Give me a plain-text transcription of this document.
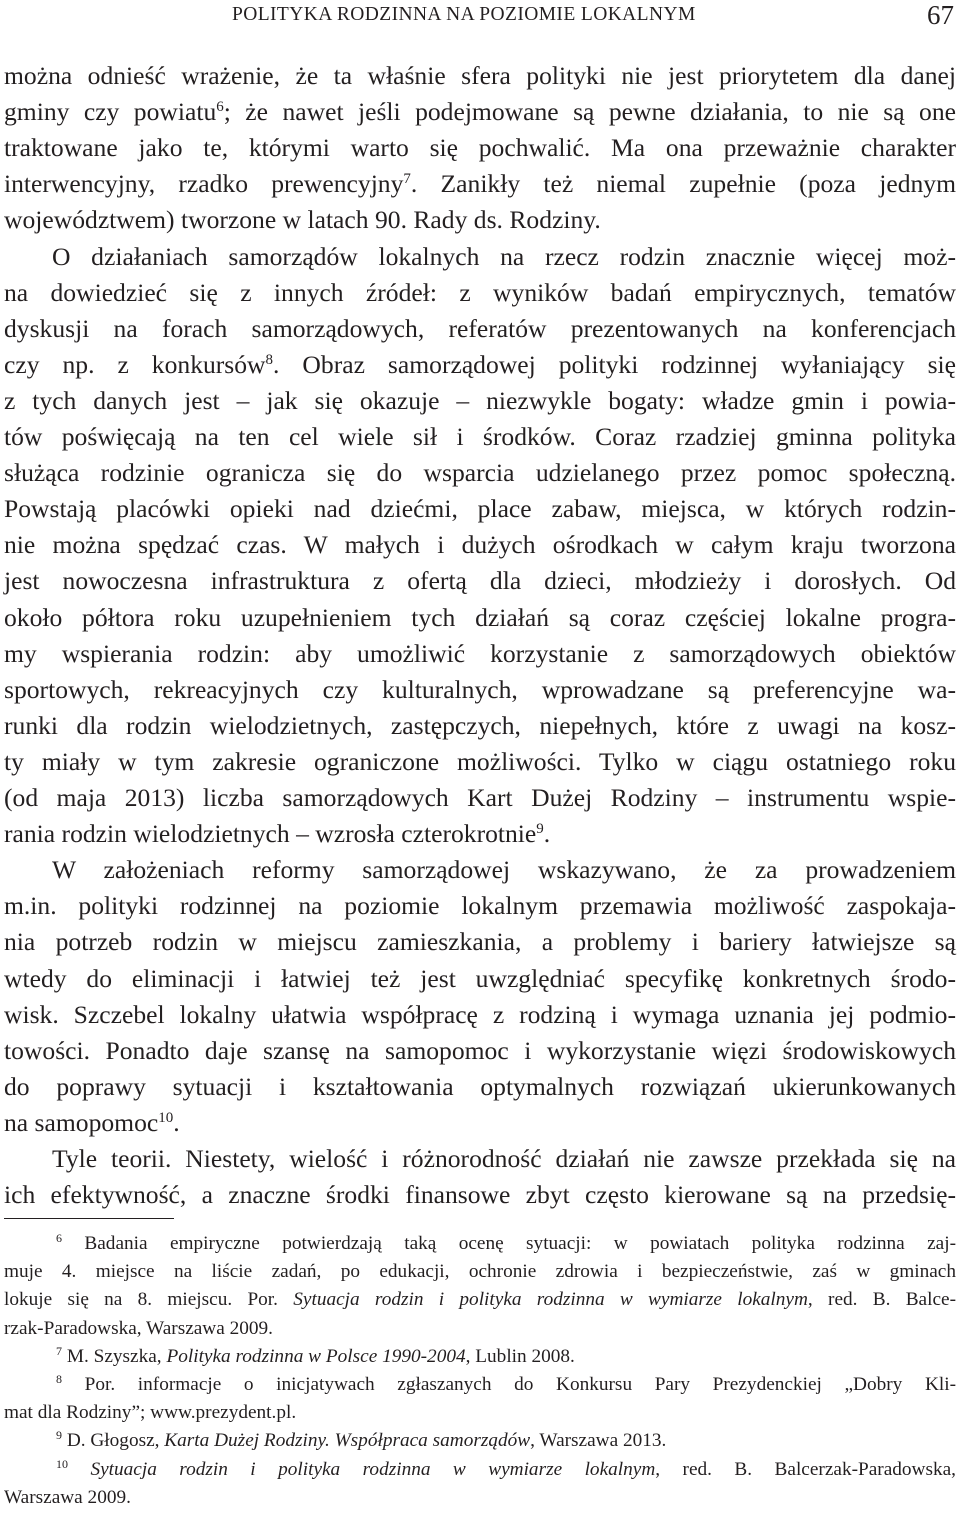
POLITYKA RODZINNA NA POZIOMIE LOKALNYM	67
można odnieść wrażenie, że ta właśnie sfera polityki nie jest priorytetem dla danej
gminy czy powiatu$^6$; że nawet jeśli podejmowane są pewne działania, to nie są one
traktowane jako te, którymi warto się pochwalić. Ma ona przeważnie charakter
interwencyjny, rzadko prewencyjny$^7$. Zanikły też niemal zupełnie (poza jednym
województwem) tworzone w latach 90. Rady ds. Rodziny.
O działaniach samorządów lokalnych na rzecz rodzin znacznie więcej moż-
na dowiedzieć się z innych źródeł: z wyników badań empirycznych, tematów
dyskusji na forach samorządowych, referatów prezentowanych na konferencjach
czy np. z konkursów$^8$. Obraz samorządowej polityki rodzinnej wyłaniający się
z tych danych jest – jak się okazuje – niezwykle bogaty: władze gmin i powia-
tów poświęcają na ten cel wiele sił i środków. Coraz rzadziej gminna polityka
służąca rodzinie ogranicza się do wsparcia udzielanego przez pomoc społeczną.
Powstają placówki opieki nad dziećmi, place zabaw, miejsca, w których rodzin-
nie można spędzać czas. W małych i dużych ośrodkach w całym kraju tworzona
jest nowoczesna infrastruktura z ofertą dla dzieci, młodzieży i dorosłych. Od
około półtora roku uzupełnieniem tych działań są coraz częściej lokalne progra-
my wspierania rodzin: aby umożliwić korzystanie z samorządowych obiektów
sportowych, rekreacyjnych czy kulturalnych, wprowadzane są preferencyjne wa-
runki dla rodzin wielodzietnych, zastępczych, niepełnych, które z uwagi na kosz-
ty miały w tym zakresie ograniczone możliwości. Tylko w ciągu ostatniego roku
(od maja 2013) liczba samorządowych Kart Dużej Rodziny – instrumentu wspie-
rania rodzin wielodzietnych – wzrosła czterokrotnie$^9$.
W założeniach reformy samorządowej wskazywano, że za prowadzeniem
m.in. polityki rodzinnej na poziomie lokalnym przemawia możliwość zaspokaja-
nia potrzeb rodzin w miejscu zamieszkania, a problemy i bariery łatwiejsze są
wtedy do eliminacji i łatwiej też jest uwzględniać specyfikę konkretnych środo-
wisk. Szczebel lokalny ułatwia współpracę z rodziną i wymaga uznania jej podmio-
towości. Ponadto daje szansę na samopomoc i wykorzystanie więzi środowiskowych
do poprawy sytuacji i kształtowania optymalnych rozwiązań ukierunkowanych
na samopomoc$^{10}$.
Tyle teorii. Niestety, wielość i różnorodność działań nie zawsze przekłada się na
ich efektywność, a znaczne środki finansowe zbyt często kierowane są na przedsię-
$^6$ Badania empiryczne potwierdzają taką ocenę sytuacji: w powiatach polityka rodzinna zaj-
muje 4. miejsce na liście zadań, po edukacji, ochronie zdrowia i bezpieczeństwie, zaś w gminach
lokuje się na 8. miejscu. Por. Sytuacja rodzin i polityka rodzinna w wymiarze lokalnym, red. B. Balce-
rzak-Paradowska, Warszawa 2009.
$^7$ M. Szyszka, Polityka rodzinna w Polsce 1990-2004, Lublin 2008.
$^8$ Por. informacje o inicjatywach zgłaszanych do Konkursu Pary Prezydenckiej „Dobry Kli-
mat dla Rodziny”; www.prezydent.pl.
$^9$ D. Głogosz, Karta Dużej Rodziny. Współpraca samorządów, Warszawa 2013.
$^{10}$ Sytuacja rodzin i polityka rodzinna w wymiarze lokalnym, red. B. Balcerzak-Paradowska,
Warszawa 2009.
